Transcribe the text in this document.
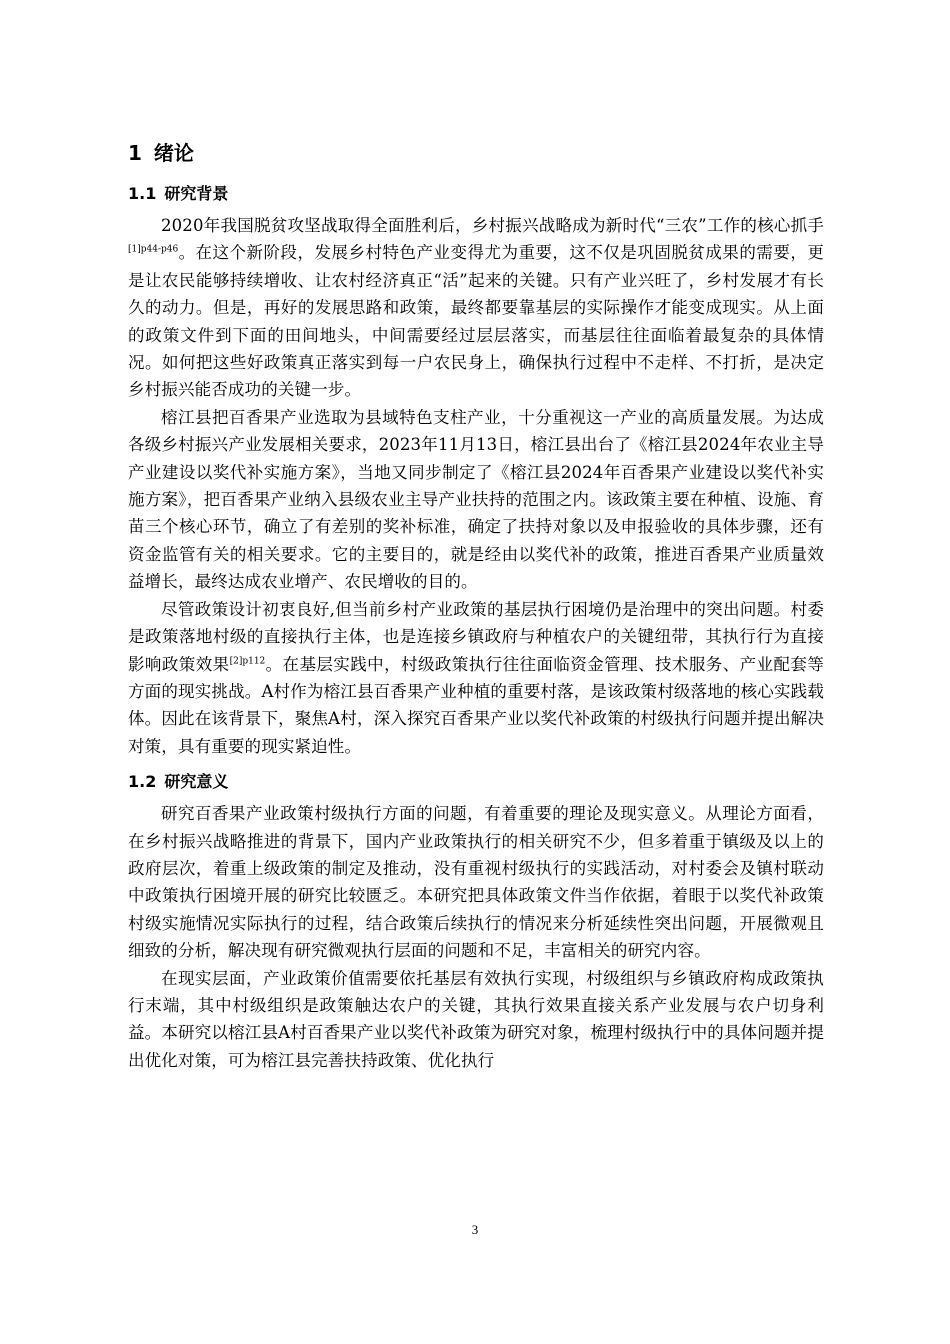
1 绪论
1.1 研究背景

2020年我国脱贫攻坚战取得全面胜利后，乡村振兴战略成为新时代“三农”工作的核心抓手$^{[1]p44-p46}$。在这个新阶段，发展乡村特色产业变得尤为重要，这不仅是巩固脱贫成果的需要，更是让农民能够持续增收、让农村经济真正“活”起来的关键。只有产业兴旺了，乡村发展才有长久的动力。但是，再好的发展思路和政策，最终都要靠基层的实际操作才能变成现实。从上面的政策文件到下面的田间地头，中间需要经过层层落实，而基层往往面临着最复杂的具体情况。如何把这些好政策真正落实到每一户农民身上，确保执行过程中不走样、不打折，是决定乡村振兴能否成功的关键一步。

榕江县把百香果产业选取为县域特色支柱产业，十分重视这一产业的高质量发展。为达成各级乡村振兴产业发展相关要求，2023年11月13日，榕江县出台了《榕江县2024年农业主导产业建设以奖代补实施方案》，当地又同步制定了《榕江县2024年百香果产业建设以奖代补实施方案》，把百香果产业纳入县级农业主导产业扶持的范围之内。该政策主要在种植、设施、育苗三个核心环节，确立了有差别的奖补标准，确定了扶持对象以及申报验收的具体步骤，还有资金监管有关的相关要求。它的主要目的，就是经由以奖代补的政策，推进百香果产业质量效益增长，最终达成农业增产、农民增收的目的。

尽管政策设计初衷良好,但当前乡村产业政策的基层执行困境仍是治理中的突出问题。村委是政策落地村级的直接执行主体，也是连接乡镇政府与种植农户的关键纽带，其执行行为直接影响政策效果$^{[2]p112}$。在基层实践中，村级政策执行往往面临资金管理、技术服务、产业配套等方面的现实挑战。A村作为榕江县百香果产业种植的重要村落，是该政策村级落地的核心实践载体。因此在该背景下，聚焦A村，深入探究百香果产业以奖代补政策的村级执行问题并提出解决对策，具有重要的现实紧迫性。

1.2 研究意义

研究百香果产业政策村级执行方面的问题，有着重要的理论及现实意义。从理论方面看，在乡村振兴战略推进的背景下，国内产业政策执行的相关研究不少，但多着重于镇级及以上的政府层次，着重上级政策的制定及推动，没有重视村级执行的实践活动，对村委会及镇村联动中政策执行困境开展的研究比较匮乏。本研究把具体政策文件当作依据，着眼于以奖代补政策村级实施情况实际执行的过程，结合政策后续执行的情况来分析延续性突出问题，开展微观且细致的分析，解决现有研究微观执行层面的问题和不足，丰富相关的研究内容。

在现实层面，产业政策价值需要依托基层有效执行实现，村级组织与乡镇政府构成政策执行末端，其中村级组织是政策触达农户的关键，其执行效果直接关系产业发展与农户切身利益。本研究以榕江县A村百香果产业以奖代补政策为研究对象，梳理村级执行中的具体问题并提出优化对策，可为榕江县完善扶持政策、优化执行

3
